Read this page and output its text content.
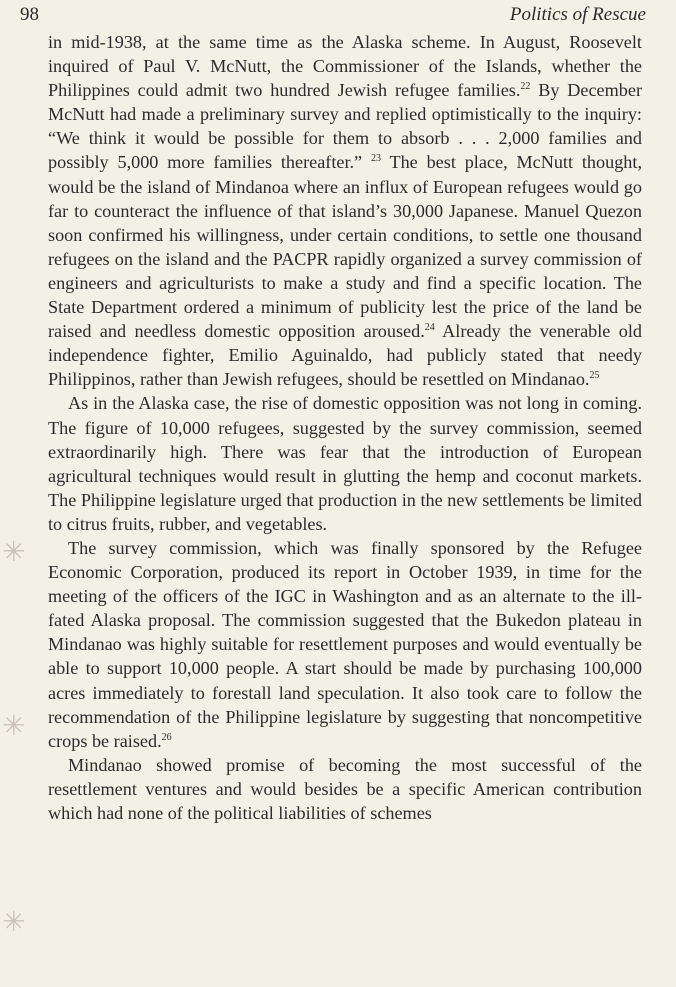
98	Politics of Rescue

in mid-1938, at the same time as the Alaska scheme. In August, Roosevelt inquired of Paul V. McNutt, the Commissioner of the Islands, whether the Philippines could admit two hundred Jewish refugee families.$^{22}$ By December McNutt had made a preliminary survey and replied optimistically to the inquiry: “We think it would be possible for them to absorb . . . 2,000 families and possibly 5,000 more families thereafter.” $^{23}$ The best place, McNutt thought, would be the island of Mindanoa where an influx of European refugees would go far to counteract the influence of that island’s 30,000 Japanese. Manuel Quezon soon confirmed his willingness, under certain conditions, to settle one thousand refugees on the island and the PACPR rapidly organized a survey commission of engineers and agriculturists to make a study and find a specific location. The State Department ordered a minimum of publicity lest the price of the land be raised and needless domestic opposition aroused.$^{24}$ Already the venerable old independence fighter, Emilio Aguinaldo, had publicly stated that needy Philippinos, rather than Jewish refugees, should be resettled on Mindanao.$^{25}$

As in the Alaska case, the rise of domestic opposition was not long in coming. The figure of 10,000 refugees, suggested by the survey commission, seemed extraordinarily high. There was fear that the introduction of European agricultural techniques would result in glutting the hemp and coconut markets. The Philippine legislature urged that production in the new settlements be limited to citrus fruits, rubber, and vegetables.

The survey commission, which was finally sponsored by the Refugee Economic Corporation, produced its report in October 1939, in time for the meeting of the officers of the IGC in Washington and as an alternate to the ill-fated Alaska proposal. The commission suggested that the Bukedon plateau in Mindanao was highly suitable for resettlement purposes and would eventually be able to support 10,000 people. A start should be made by purchasing 100,000 acres immediately to forestall land speculation. It also took care to follow the recommendation of the Philippine legislature by suggesting that noncompetitive crops be raised.$^{26}$

Mindanao showed promise of becoming the most successful of the resettlement ventures and would besides be a specific American contribution which had none of the political liabilities of schemes

✳
✳
✳
